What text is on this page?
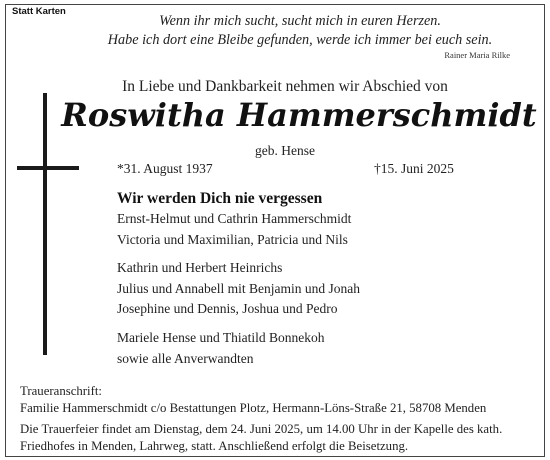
Statt Karten
Wenn ihr mich sucht, sucht mich in euren Herzen.
Habe ich dort eine Bleibe gefunden, werde ich immer bei euch sein.
Rainer Maria Rilke
In Liebe und Dankbarkeit nehmen wir Abschied von
Roswitha Hammerschmidt
geb. Hense
*31. August 1937	†15. Juni 2025
Wir werden Dich nie vergessen
Ernst-Helmut und Cathrin Hammerschmidt
Victoria und Maximilian, Patricia und Nils
Kathrin und Herbert Heinrichs
Julius und Annabell mit Benjamin und Jonah
Josephine und Dennis, Joshua und Pedro
Mariele Hense und Thiatild Bonnekoh
sowie alle Anverwandten
Traueranschrift:
Familie Hammerschmidt c/o Bestattungen Plotz, Hermann-Löns-Straße 21, 58708 Menden
Die Trauerfeier findet am Dienstag, dem 24. Juni 2025, um 14.00 Uhr in der Kapelle des kath.
Friedhofes in Menden, Lahrweg, statt. Anschließend erfolgt die Beisetzung.
